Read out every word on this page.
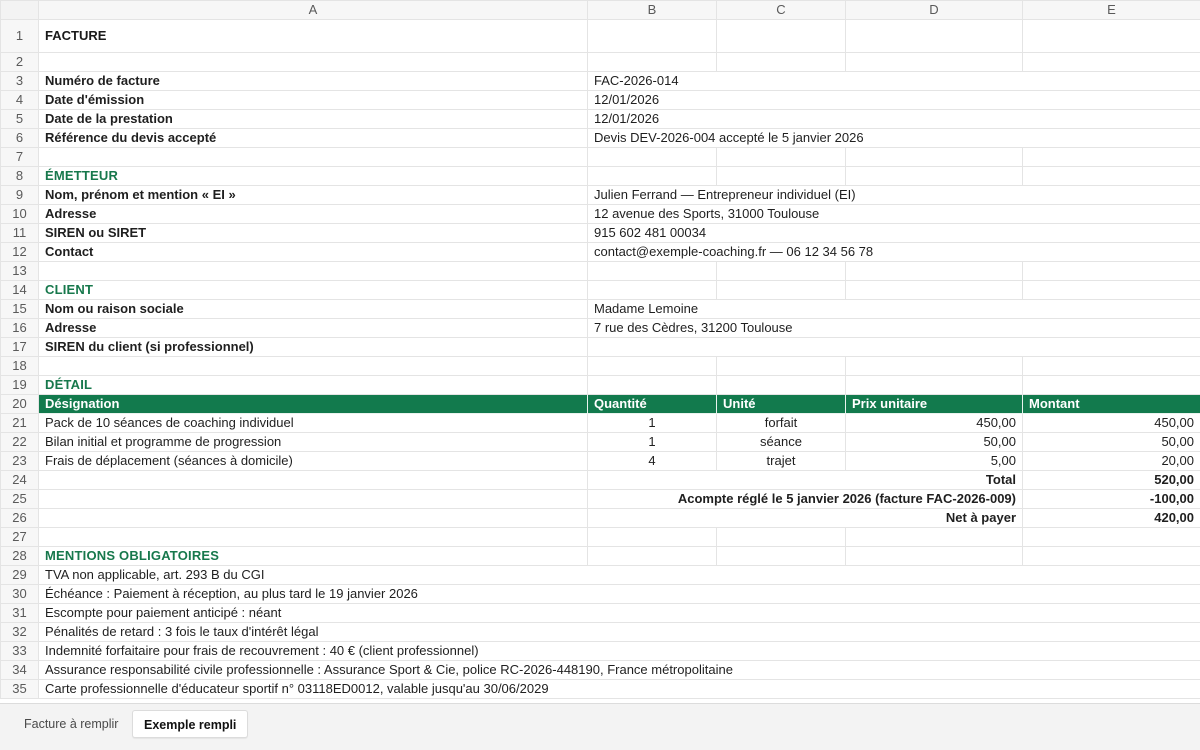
	A	B	C	D	E
1	FACTURE				
2					
3	Numéro de facture	FAC-2026-014			
4	Date d'émission	12/01/2026			
5	Date de la prestation	12/01/2026			
6	Référence du devis accepté	Devis DEV-2026-004 accepté le 5 janvier 2026			
7					
8	ÉMETTEUR				
9	Nom, prénom et mention « EI »	Julien Ferrand — Entrepreneur individuel (EI)			
10	Adresse	12 avenue des Sports, 31000 Toulouse			
11	SIREN ou SIRET	915 602 481 00034			
12	Contact	contact@exemple-coaching.fr — 06 12 34 56 78			
13					
14	CLIENT				
15	Nom ou raison sociale	Madame Lemoine			
16	Adresse	7 rue des Cèdres, 31200 Toulouse			
17	SIREN du client (si professionnel)				
18					
19	DÉTAIL				
20	Désignation	Quantité	Unité	Prix unitaire	Montant
21	Pack de 10 séances de coaching individuel	1	forfait	450,00	450,00
22	Bilan initial et programme de progression	1	séance	50,00	50,00
23	Frais de déplacement (séances à domicile)	4	trajet	5,00	20,00
24		Total			520,00
25		Acompte réglé le 5 janvier 2026 (facture FAC-2026-009)			-100,00
26		Net à payer			420,00
27					
28	MENTIONS OBLIGATOIRES				
29	TVA non applicable, art. 293 B du CGI				
30	Échéance : Paiement à réception, au plus tard le 19 janvier 2026				
31	Escompte pour paiement anticipé : néant				
32	Pénalités de retard : 3 fois le taux d'intérêt légal				
33	Indemnité forfaitaire pour frais de recouvrement : 40 € (client professionnel)				
34	Assurance responsabilité civile professionnelle : Assurance Sport & Cie, police RC-2026-448190, France métropolitaine				
35	Carte professionnelle d'éducateur sportif n° 03118ED0012, valable jusqu'au 30/06/2029				
Facture à remplir	Exemple rempli
